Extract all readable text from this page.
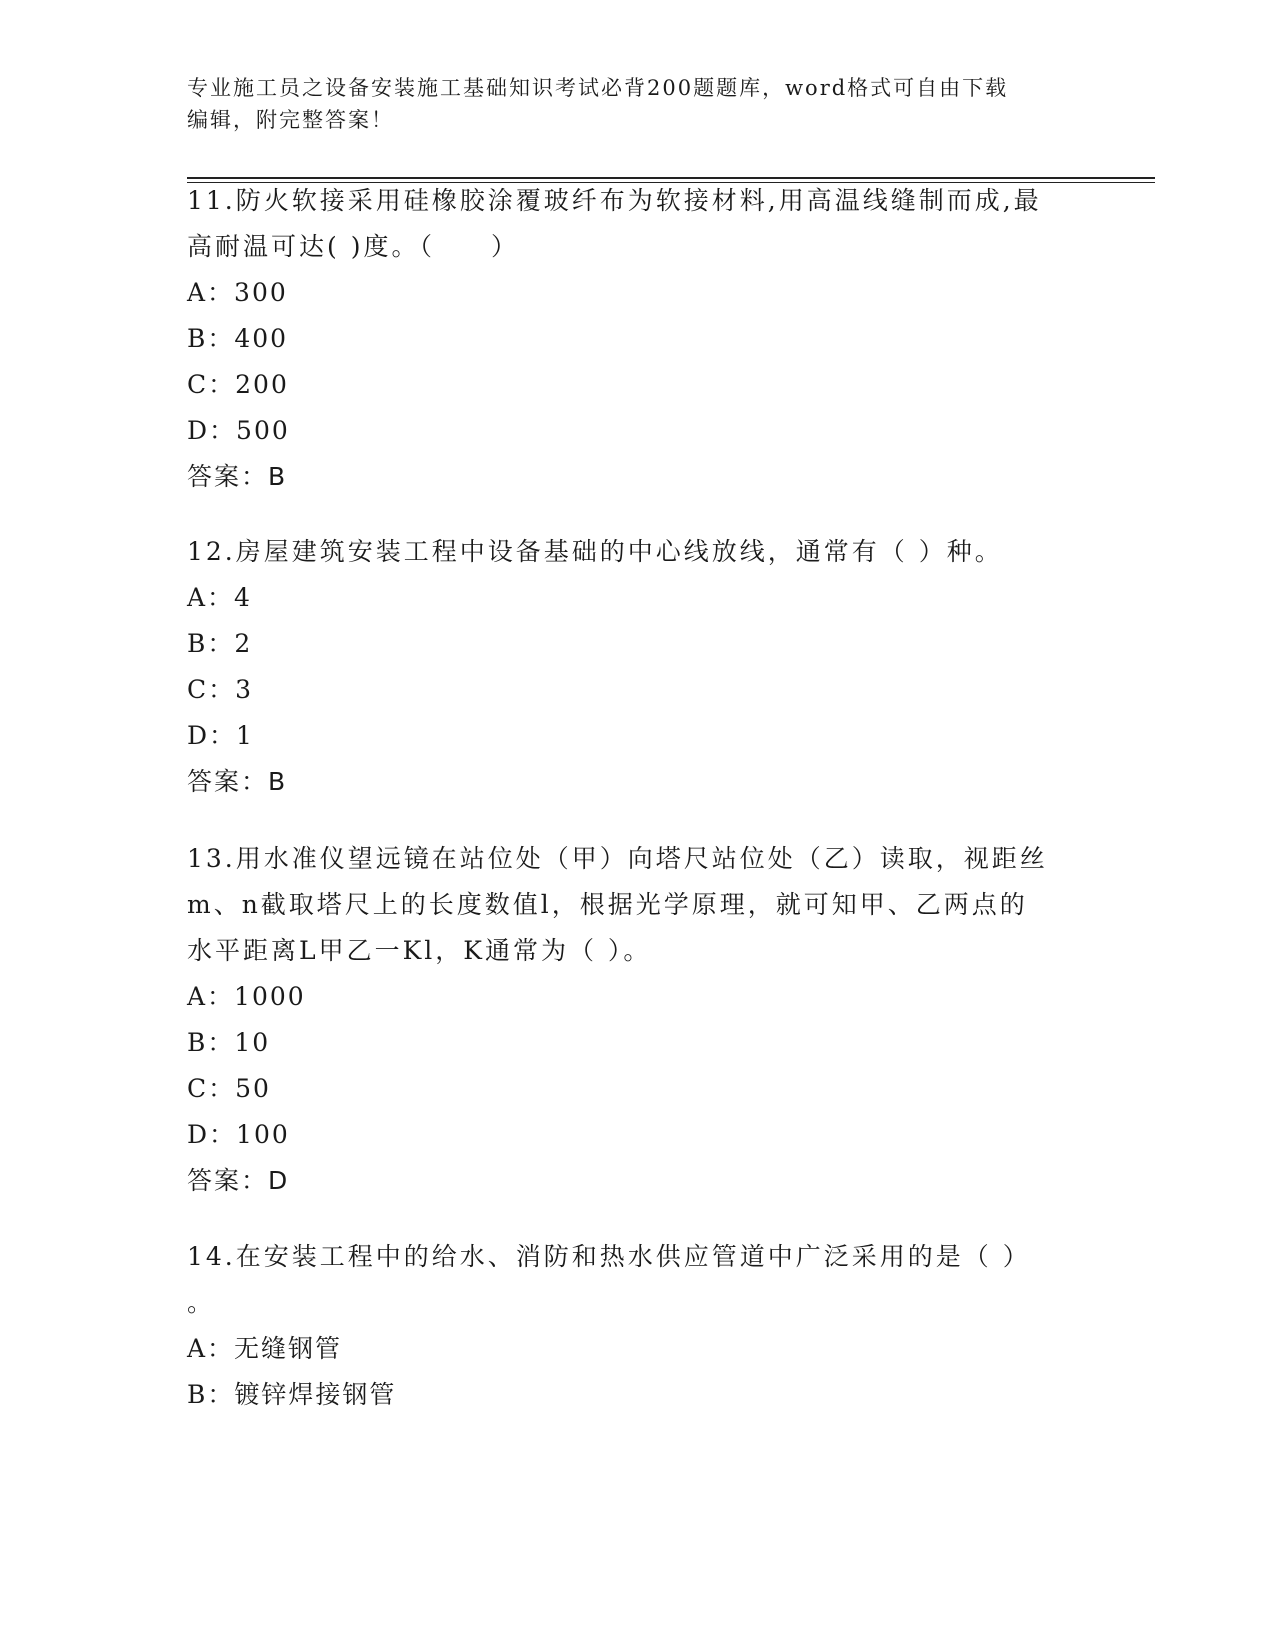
专业施工员之设备安装施工基础知识考试必背200题题库，word格式可自由下载
编辑，附完整答案！

11.防火软接采用硅橡胶涂覆玻纤布为软接材料,用高温线缝制而成,最

高耐温可达( )度。（　　）

A：300

B：400

C：200

D：500

答案：B

12.房屋建筑安装工程中设备基础的中心线放线，通常有（ ）种。

A：4

B：2

C：3

D：1

答案：B

13.用水准仪望远镜在站位处（甲）向塔尺站位处（乙）读取，视距丝

m、n截取塔尺上的长度数值l，根据光学原理，就可知甲、乙两点的

水平距离L甲乙一Kl，K通常为（ ）。

A：1000

B：10

C：50

D：100

答案：D

14.在安装工程中的给水、消防和热水供应管道中广泛采用的是（ ）

。

A：无缝钢管

B：镀锌焊接钢管
